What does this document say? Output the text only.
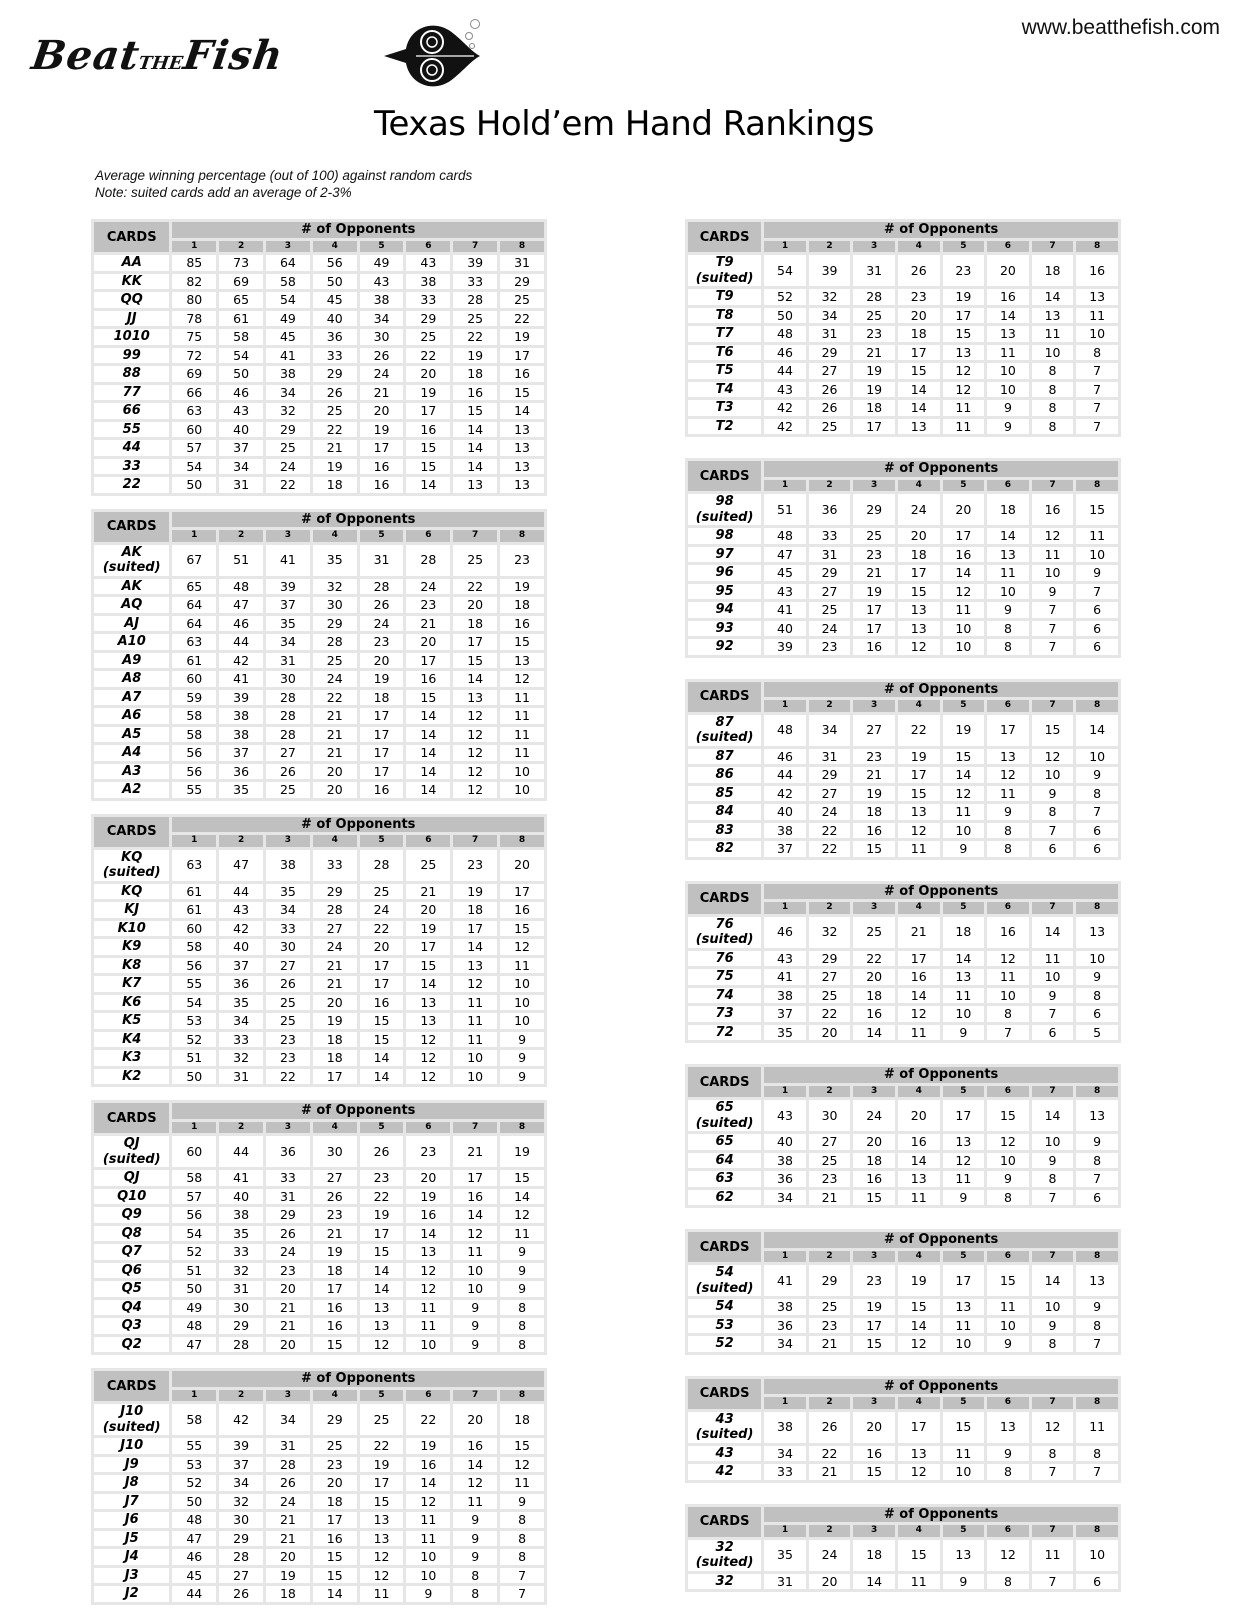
BeatTHEFish
www.beatthefish.com
Texas Hold’em Hand Rankings
Average winning percentage (out of 100) against random cards
Note: suited cards add an average of 2-3%
CARDS	# of Opponents							
	1	2	3	4	5	6	7	8
AA	85	73	64	56	49	43	39	31
KK	82	69	58	50	43	38	33	29
QQ	80	65	54	45	38	33	28	25
JJ	78	61	49	40	34	29	25	22
1010	75	58	45	36	30	25	22	19
99	72	54	41	33	26	22	19	17
88	69	50	38	29	24	20	18	16
77	66	46	34	26	21	19	16	15
66	63	43	32	25	20	17	15	14
55	60	40	29	22	19	16	14	13
44	57	37	25	21	17	15	14	13
33	54	34	24	19	16	15	14	13
22	50	31	22	18	16	14	13	13
CARDS	# of Opponents							
	1	2	3	4	5	6	7	8
AK (suited)	67	51	41	35	31	28	25	23
AK	65	48	39	32	28	24	22	19
AQ	64	47	37	30	26	23	20	18
AJ	64	46	35	29	24	21	18	16
A10	63	44	34	28	23	20	17	15
A9	61	42	31	25	20	17	15	13
A8	60	41	30	24	19	16	14	12
A7	59	39	28	22	18	15	13	11
A6	58	38	28	21	17	14	12	11
A5	58	38	28	21	17	14	12	11
A4	56	37	27	21	17	14	12	11
A3	56	36	26	20	17	14	12	10
A2	55	35	25	20	16	14	12	10
CARDS	# of Opponents							
	1	2	3	4	5	6	7	8
KQ (suited)	63	47	38	33	28	25	23	20
KQ	61	44	35	29	25	21	19	17
KJ	61	43	34	28	24	20	18	16
K10	60	42	33	27	22	19	17	15
K9	58	40	30	24	20	17	14	12
K8	56	37	27	21	17	15	13	11
K7	55	36	26	21	17	14	12	10
K6	54	35	25	20	16	13	11	10
K5	53	34	25	19	15	13	11	10
K4	52	33	23	18	15	12	11	9
K3	51	32	23	18	14	12	10	9
K2	50	31	22	17	14	12	10	9
CARDS	# of Opponents							
	1	2	3	4	5	6	7	8
QJ (suited)	60	44	36	30	26	23	21	19
QJ	58	41	33	27	23	20	17	15
Q10	57	40	31	26	22	19	16	14
Q9	56	38	29	23	19	16	14	12
Q8	54	35	26	21	17	14	12	11
Q7	52	33	24	19	15	13	11	9
Q6	51	32	23	18	14	12	10	9
Q5	50	31	20	17	14	12	10	9
Q4	49	30	21	16	13	11	9	8
Q3	48	29	21	16	13	11	9	8
Q2	47	28	20	15	12	10	9	8
CARDS	# of Opponents							
	1	2	3	4	5	6	7	8
J10 (suited)	58	42	34	29	25	22	20	18
J10	55	39	31	25	22	19	16	15
J9	53	37	28	23	19	16	14	12
J8	52	34	26	20	17	14	12	11
J7	50	32	24	18	15	12	11	9
J6	48	30	21	17	13	11	9	8
J5	47	29	21	16	13	11	9	8
J4	46	28	20	15	12	10	9	8
J3	45	27	19	15	12	10	8	7
J2	44	26	18	14	11	9	8	7
CARDS	# of Opponents							
	1	2	3	4	5	6	7	8
T9 (suited)	54	39	31	26	23	20	18	16
T9	52	32	28	23	19	16	14	13
T8	50	34	25	20	17	14	13	11
T7	48	31	23	18	15	13	11	10
T6	46	29	21	17	13	11	10	8
T5	44	27	19	15	12	10	8	7
T4	43	26	19	14	12	10	8	7
T3	42	26	18	14	11	9	8	7
T2	42	25	17	13	11	9	8	7
CARDS	# of Opponents							
	1	2	3	4	5	6	7	8
98 (suited)	51	36	29	24	20	18	16	15
98	48	33	25	20	17	14	12	11
97	47	31	23	18	16	13	11	10
96	45	29	21	17	14	11	10	9
95	43	27	19	15	12	10	9	7
94	41	25	17	13	11	9	7	6
93	40	24	17	13	10	8	7	6
92	39	23	16	12	10	8	7	6
CARDS	# of Opponents							
	1	2	3	4	5	6	7	8
87 (suited)	48	34	27	22	19	17	15	14
87	46	31	23	19	15	13	12	10
86	44	29	21	17	14	12	10	9
85	42	27	19	15	12	11	9	8
84	40	24	18	13	11	9	8	7
83	38	22	16	12	10	8	7	6
82	37	22	15	11	9	8	6	6
CARDS	# of Opponents							
	1	2	3	4	5	6	7	8
76 (suited)	46	32	25	21	18	16	14	13
76	43	29	22	17	14	12	11	10
75	41	27	20	16	13	11	10	9
74	38	25	18	14	11	10	9	8
73	37	22	16	12	10	8	7	6
72	35	20	14	11	9	7	6	5
CARDS	# of Opponents							
	1	2	3	4	5	6	7	8
65 (suited)	43	30	24	20	17	15	14	13
65	40	27	20	16	13	12	10	9
64	38	25	18	14	12	10	9	8
63	36	23	16	13	11	9	8	7
62	34	21	15	11	9	8	7	6
CARDS	# of Opponents							
	1	2	3	4	5	6	7	8
54 (suited)	41	29	23	19	17	15	14	13
54	38	25	19	15	13	11	10	9
53	36	23	17	14	11	10	9	8
52	34	21	15	12	10	9	8	7
CARDS	# of Opponents							
	1	2	3	4	5	6	7	8
43 (suited)	38	26	20	17	15	13	12	11
43	34	22	16	13	11	9	8	8
42	33	21	15	12	10	8	7	7
CARDS	# of Opponents							
	1	2	3	4	5	6	7	8
32 (suited)	35	24	18	15	13	12	11	10
32	31	20	14	11	9	8	7	6
